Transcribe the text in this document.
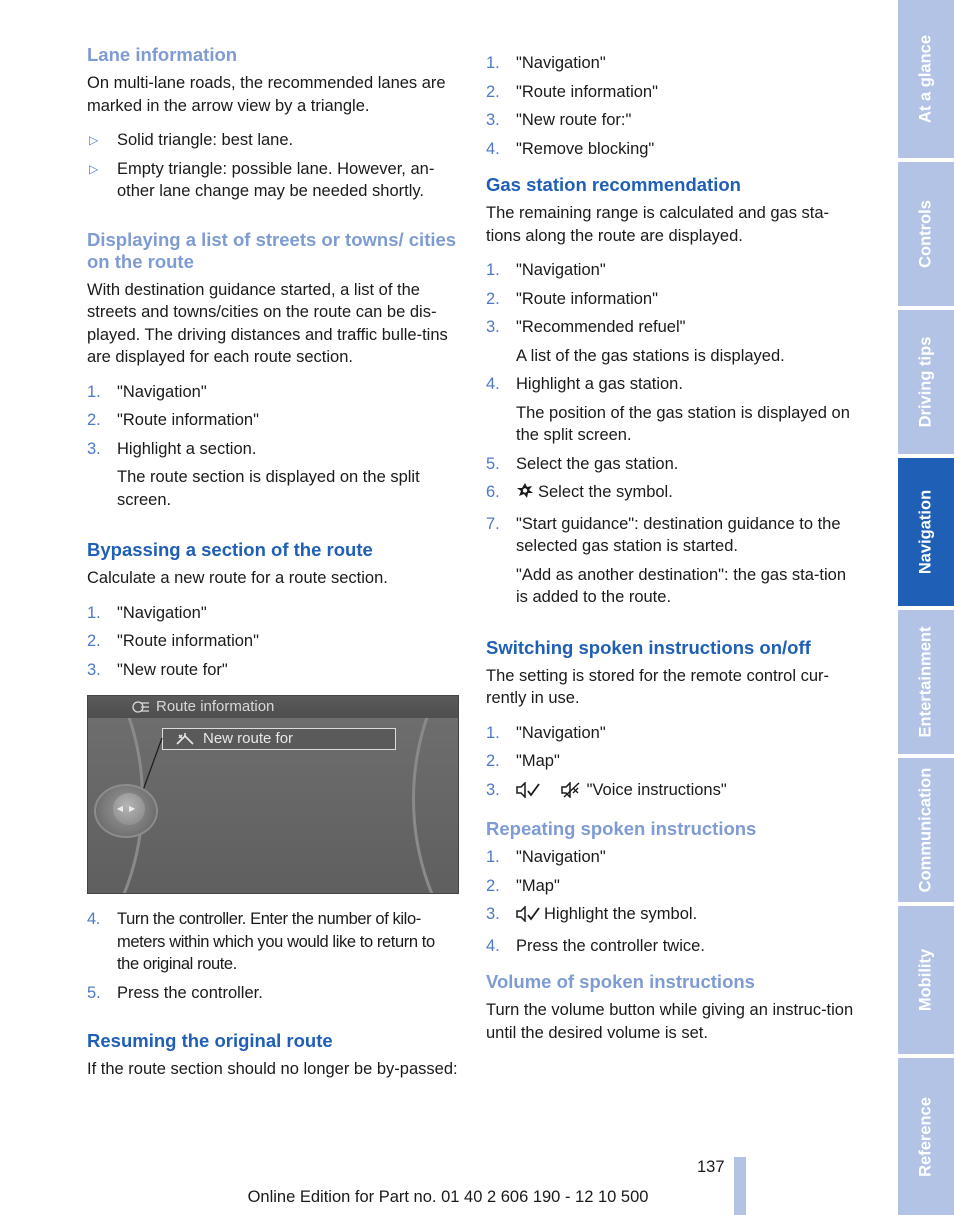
Lane information

On multi-lane roads, the recommended lanes are marked in the arrow view by a triangle.

▷ Solid triangle: best lane.
▷ Empty triangle: possible lane. However, an-other lane change may be needed shortly.
Displaying a list of streets or towns/ cities on the route

With destination guidance started, a list of the streets and towns/cities on the route can be dis-played. The driving distances and traffic bulle-tins are displayed for each route section.

1. "Navigation"
2. "Route information"
3. Highlight a section.
The route section is displayed on the split screen.
Bypassing a section of the route

Calculate a new route for a route section.

1. "Navigation"
2. "Route information"
3. "New route for"
Route information
New route for
◀▶
4. Turn the controller. Enter the number of kilo-meters within which you would like to return to the original route.
5. Press the controller.
Resuming the original route

If the route section should no longer be by-passed:

1. "Navigation"
2. "Route information"
3. "New route for:"
4. "Remove blocking"
Gas station recommendation

The remaining range is calculated and gas sta-tions along the route are displayed.

1. "Navigation"
2. "Route information"
3. "Recommended refuel"
A list of the gas stations is displayed.
4. Highlight a gas station.
The position of the gas station is displayed on the split screen.
5. Select the gas station.
6. Select the symbol.
7. "Start guidance": destination guidance to the selected gas station is started.
"Add as another destination": the gas sta-tion is added to the route.
Switching spoken instructions on/off

The setting is stored for the remote control cur-rently in use.

1. "Navigation"
2. "Map"
3.	"Voice instructions"
Repeating spoken instructions
1. "Navigation"
2. "Map"
3.	Highlight the symbol.
4. Press the controller twice.
Volume of spoken instructions

Turn the volume button while giving an instruc-tion until the desired volume is set.

At a glance
Controls
Driving tips
Navigation
Entertainment
Communication
Mobility
Reference
137
Online Edition for Part no. 01 40 2 606 190 - 12 10 500
